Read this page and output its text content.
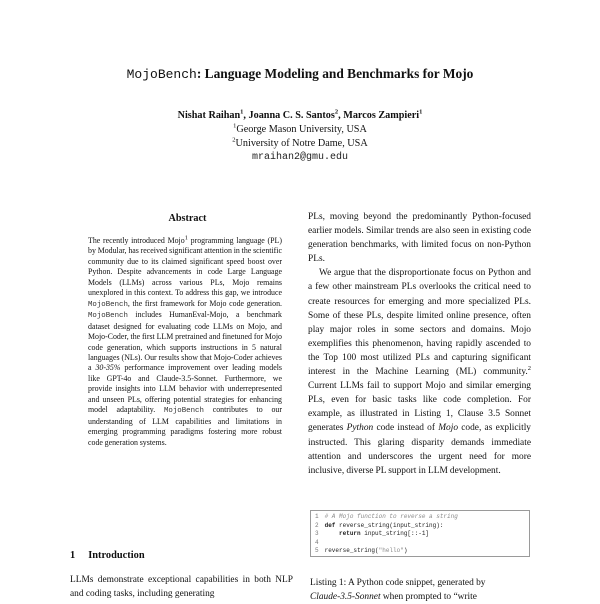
MojoBench: Language Modeling and Benchmarks for Mojo
Nishat Raihan$^1$, Joanna C. S. Santos$^2$, Marcos Zampieri$^1$
$^1$George Mason University, USA
$^2$University of Notre Dame, USA
mraihan2@gmu.edu
Abstract
The recently introduced Mojo$^1$ programming language (PL) by Modular, has received significant attention in the scientific community due to its claimed significant speed boost over Python. Despite advancements in code Large Language Models (LLMs) across various PLs, Mojo remains unexplored in this context. To address this gap, we introduce MojoBench, the first framework for Mojo code generation. MojoBench includes HumanEval-Mojo, a benchmark dataset designed for evaluating code LLMs on Mojo, and Mojo-Coder, the first LLM pretrained and finetuned for Mojo code generation, which supports instructions in 5 natural languages (NLs). Our results show that Mojo-Coder achieves a 30-35% performance improvement over leading models like GPT-4o and Claude-3.5-Sonnet. Furthermore, we provide insights into LLM behavior with underrepresented and unseen PLs, offering potential strategies for enhancing model adaptability. MojoBench contributes to our understanding of LLM capabilities and limitations in emerging programming paradigms fostering more robust code generation systems.
1 Introduction
LLMs demonstrate exceptional capabilities in both NLP and coding tasks, including generating

PLs, moving beyond the predominantly Python-focused earlier models. Similar trends are also seen in existing code generation benchmarks, with limited focus on non-Python PLs.

We argue that the disproportionate focus on Python and a few other mainstream PLs overlooks the critical need to create resources for emerging and more specialized PLs. Some of these PLs, despite limited online presence, often play major roles in some sectors and domains. Mojo exemplifies this phenomenon, having rapidly ascended to the Top 100 most utilized PLs and capturing significant interest in the Machine Learning (ML) community.$^2$ Current LLMs fail to support Mojo and similar emerging PLs, even for basic tasks like code completion. For example, as illustrated in Listing 1, Clause 3.5 Sonnet generates Python code instead of Mojo code, as explicitly instructed. This glaring disparity demands immediate attention and underscores the urgent need for more inclusive, diverse PL support in LLM development.

1 # A Mojo function to reverse a string
2 def reverse_string(input_string):
3     return input_string[::-1]
4
5 reverse_string("hello")
Listing 1: A Python code snippet, generated by
Claude-3.5-Sonnet when prompted to “write
